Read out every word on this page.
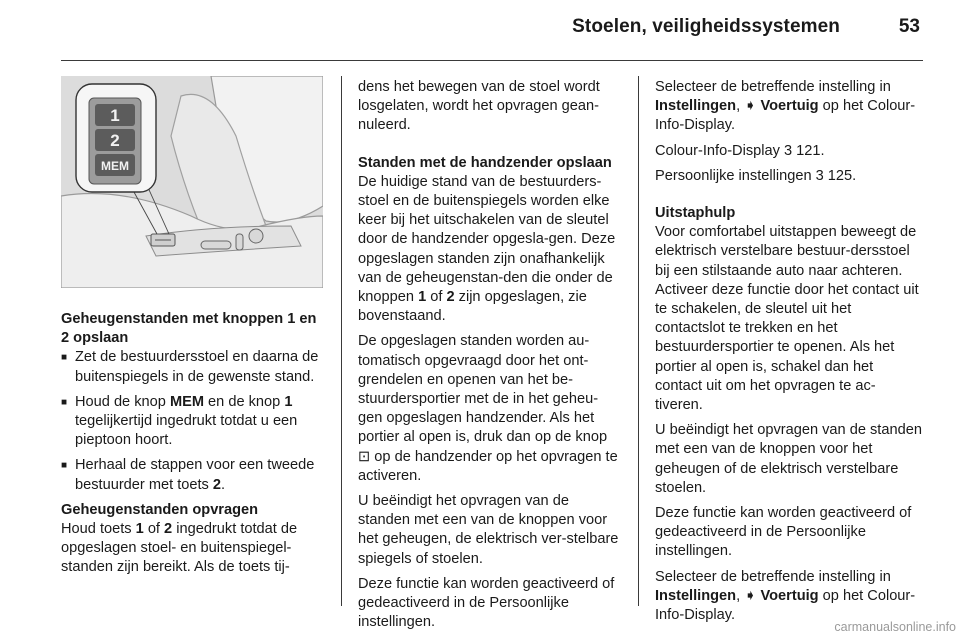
Stoelen, veiligheidssystemen	53
1
2
MEM

Geheugenstanden met knoppen 1 en
2 opslaan

■ Zet de bestuurdersstoel en daarna de buitenspiegels in de gewenste stand.
■ Houd de knop MEM en de knop 1 tegelijkertijd ingedrukt totdat u een pieptoon hoort.
■ Herhaal de stappen voor een tweede bestuurder met toets 2.

Geheugenstanden opvragen

Houd toets 1 of 2 ingedrukt totdat de opgeslagen stoel- en buitenspiegel-standen zijn bereikt. Als de toets tij-

dens het bewegen van de stoel wordt losgelaten, wordt het opvragen gean-nuleerd.

Standen met de handzender opslaan

De huidige stand van de bestuurders-stoel en de buitenspiegels worden elke keer bij het uitschakelen van de sleutel door de handzender opgesla-gen. Deze opgeslagen standen zijn onafhankelijk van de geheugenstan-den die onder de knoppen 1 of 2 zijn opgeslagen, zie bovenstaand.

De opgeslagen standen worden au-tomatisch opgevraagd door het ont-grendelen en openen van het be-stuurdersportier met de in het geheu-gen opgeslagen handzender. Als het portier al open is, druk dan op de knop ⊡ op de handzender op het opvragen te activeren.

U beëindigt het opvragen van de standen met een van de knoppen voor het geheugen, de elektrisch ver-stelbare spiegels of stoelen.

Deze functie kan worden geactiveerd of gedeactiveerd in de Persoonlijke instellingen.

Selecteer de betreffende instelling in Instellingen, ➧ Voertuig op het Colour-Info-Display.

Colour-Info-Display 3 121.

Persoonlijke instellingen 3 125.

Uitstaphulp

Voor comfortabel uitstappen beweegt de elektrisch verstelbare bestuur-dersstoel bij een stilstaande auto naar achteren. Activeer deze functie door het contact uit te schakelen, de sleutel uit het contactslot te trekken en het bestuurdersportier te openen. Als het portier al open is, schakel dan het contact uit om het opvragen te ac-tiveren.

U beëindigt het opvragen van de standen met een van de knoppen voor het geheugen of de elektrisch verstelbare stoelen.

Deze functie kan worden geactiveerd of gedeactiveerd in de Persoonlijke instellingen.

Selecteer de betreffende instelling in Instellingen, ➧ Voertuig op het Colour-Info-Display.

carmanualsonline.info
